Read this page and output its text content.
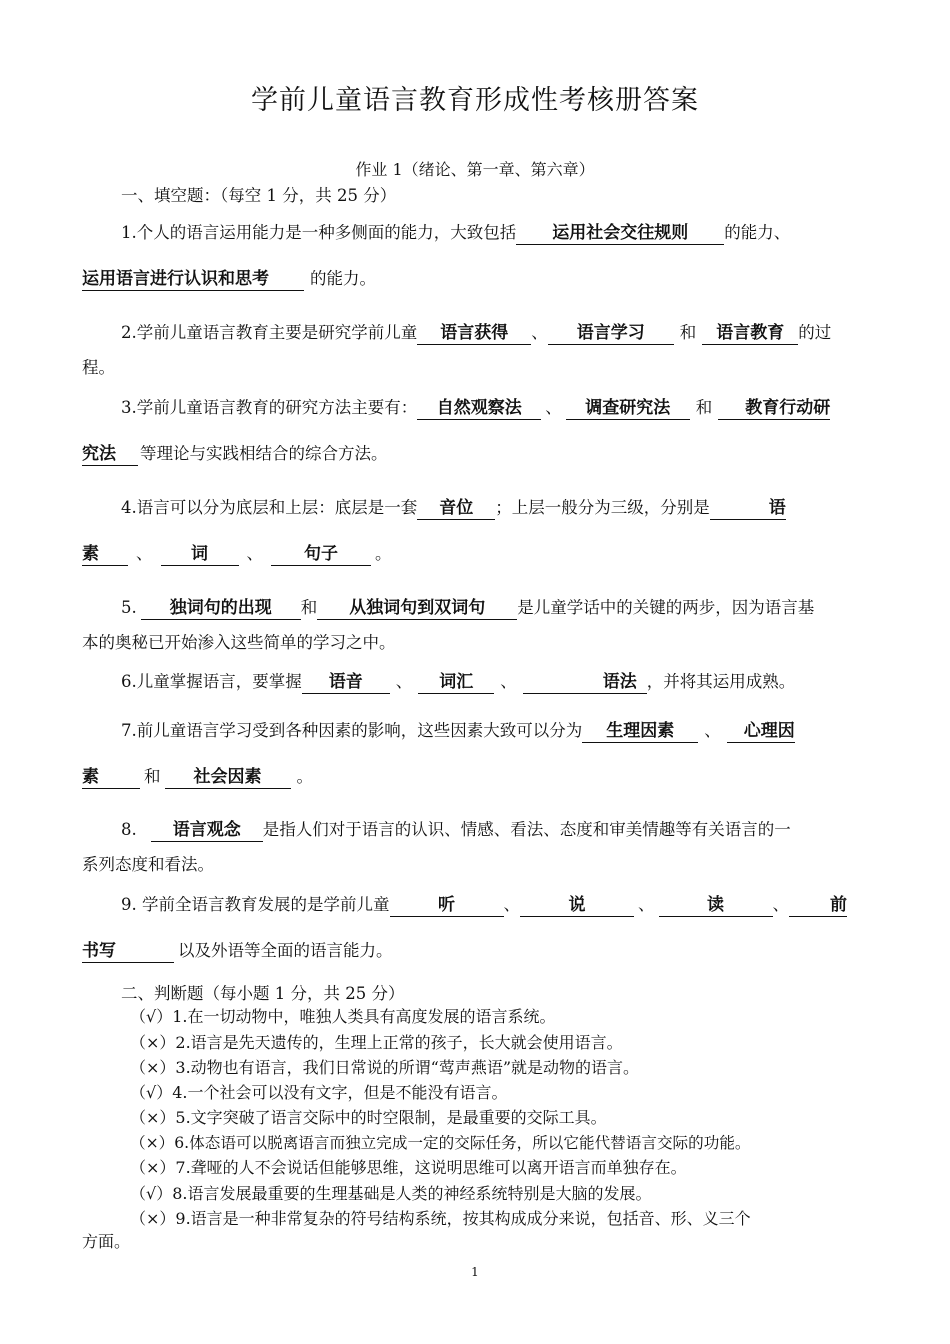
学前儿童语言教育形成性考核册答案
作业 1（绪论、第一章、第六章）
一、填空题：（每空 1 分，共 25 分）
1.个人的语言运用能力是一种多侧面的能力，大致包括 运用社会交往规则 的能力、
运用语言进行认识和思考 的能力。
2.学前儿童语言教育主要是研究学前儿童 语言获得 、 语言学习 和 语言教育 的过
程。
3.学前儿童语言教育的研究方法主要有： 自然观察法 、 调查研究法 和 教育行动研
究法 等理论与实践相结合的综合方法。
4.语言可以分为底层和上层：底层是一套 音位 ；上层一般分为三级，分别是	语
素 、 词 、 句子 。
5. 独词句的出现 和 从独词句到双词句 是儿童学话中的关键的两步，因为语言基
本的奥秘已开始渗入这些简单的学习之中。
6.儿童掌握语言，要掌握 语音 、 词汇 、	语法 ，并将其运用成熟。
7.前儿童语言学习受到各种因素的影响，这些因素大致可以分为 生理因素 、 心理因
素	和 社会因素 。
8. 语言观念 是指人们对于语言的认识、情感、看法、态度和审美情趣等有关语言的一
系列态度和看法。
9. 学前全语言教育发展的是学前儿童	听	、	说	、	读	、 前
书写	以及外语等全面的语言能力。
二、判断题（每小题 1 分，共 25 分）
（√）1.在一切动物中，唯独人类具有高度发展的语言系统。
（×）2.语言是先天遗传的，生理上正常的孩子，长大就会使用语言。
（×）3.动物也有语言，我们日常说的所谓“莺声燕语”就是动物的语言。
（√）4.一个社会可以没有文字，但是不能没有语言。
（×）5.文字突破了语言交际中的时空限制，是最重要的交际工具。
（×）6.体态语可以脱离语言而独立完成一定的交际任务，所以它能代替语言交际的功能。
（×）7.聋哑的人不会说话但能够思维，这说明思维可以离开语言而单独存在。
（√）8.语言发展最重要的生理基础是人类的神经系统特别是大脑的发展。
（×）9.语言是一种非常复杂的符号结构系统，按其构成成分来说，包括音、形、义三个
方面。
1
